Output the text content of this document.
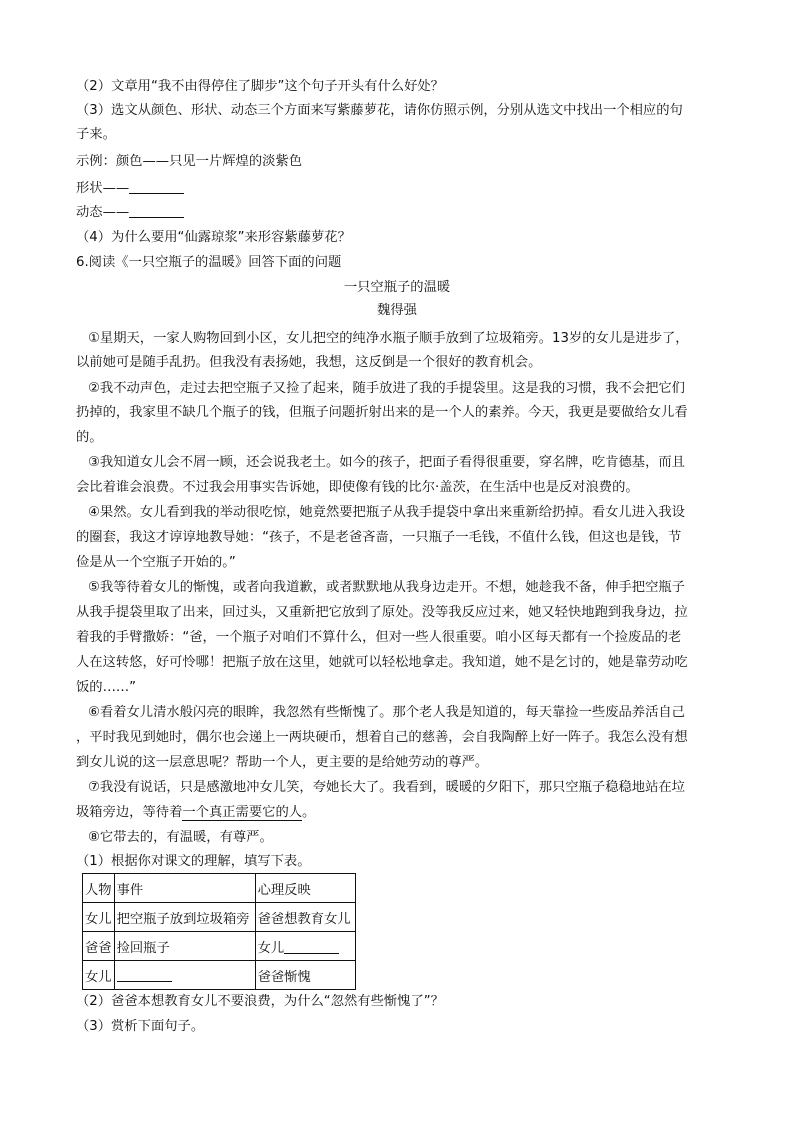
（2）文章用“我不由得停住了脚步”这个句子开头有什么好处？
（3）选文从颜色、形状、动态三个方面来写紫藤萝花，请你仿照示例，分别从选文中找出一个相应的句
子来。
示例：颜色——只见一片辉煌的淡紫色
形状——
动态——
（4）为什么要用“仙露琼浆”来形容紫藤萝花？
6.阅读《一只空瓶子的温暖》回答下面的问题
一只空瓶子的温暖
魏得强
①星期天，一家人购物回到小区，女儿把空的纯净水瓶子顺手放到了垃圾箱旁。13岁的女儿是进步了，
以前她可是随手乱扔。但我没有表扬她，我想，这反倒是一个很好的教育机会。
②我不动声色，走过去把空瓶子又捡了起来，随手放进了我的手提袋里。这是我的习惯，我不会把它们
扔掉的，我家里不缺几个瓶子的钱，但瓶子问题折射出来的是一个人的素养。今天，我更是要做给女儿看
的。
③我知道女儿会不屑一顾，还会说我老土。如今的孩子，把面子看得很重要，穿名牌，吃肯德基，而且
会比着谁会浪费。不过我会用事实告诉她，即使像有钱的比尔·盖茨，在生活中也是反对浪费的。
④果然。女儿看到我的举动很吃惊，她竟然要把瓶子从我手提袋中拿出来重新给扔掉。看女儿进入我设
的圈套，我这才谆谆地教导她：“孩子，不是老爸吝啬，一只瓶子一毛钱，不值什么钱，但这也是钱，节
俭是从一个空瓶子开始的。”
⑤我等待着女儿的惭愧，或者向我道歉，或者默默地从我身边走开。不想，她趁我不备，伸手把空瓶子
从我手提袋里取了出来，回过头，又重新把它放到了原处。没等我反应过来，她又轻快地跑到我身边，拉
着我的手臂撒娇：“爸，一个瓶子对咱们不算什么，但对一些人很重要。咱小区每天都有一个捡废品的老
人在这转悠，好可怜哪！把瓶子放在这里，她就可以轻松地拿走。我知道，她不是乞讨的，她是靠劳动吃
饭的……”
⑥看着女儿清水般闪亮的眼眸，我忽然有些惭愧了。那个老人我是知道的，每天靠捡一些废品养活自己
，平时我见到她时，偶尔也会递上一两块硬币，想着自己的慈善，会自我陶醉上好一阵子。我怎么没有想
到女儿说的这一层意思呢？帮助一个人，更主要的是给她劳动的尊严。
⑦我没有说话，只是感激地冲女儿笑，夸她长大了。我看到，暖暖的夕阳下，那只空瓶子稳稳地站在垃
圾箱旁边，等待着一个真正需要它的人。
⑧它带去的，有温暖，有尊严。
（1）根据你对课文的理解，填写下表。
人物	事件	心理反映
女儿	把空瓶子放到垃圾箱旁	爸爸想教育女儿
爸爸	捡回瓶子	女儿
女儿		爸爸惭愧
（2）爸爸本想教育女儿不要浪费，为什么“忽然有些惭愧了”？
（3）赏析下面句子。
